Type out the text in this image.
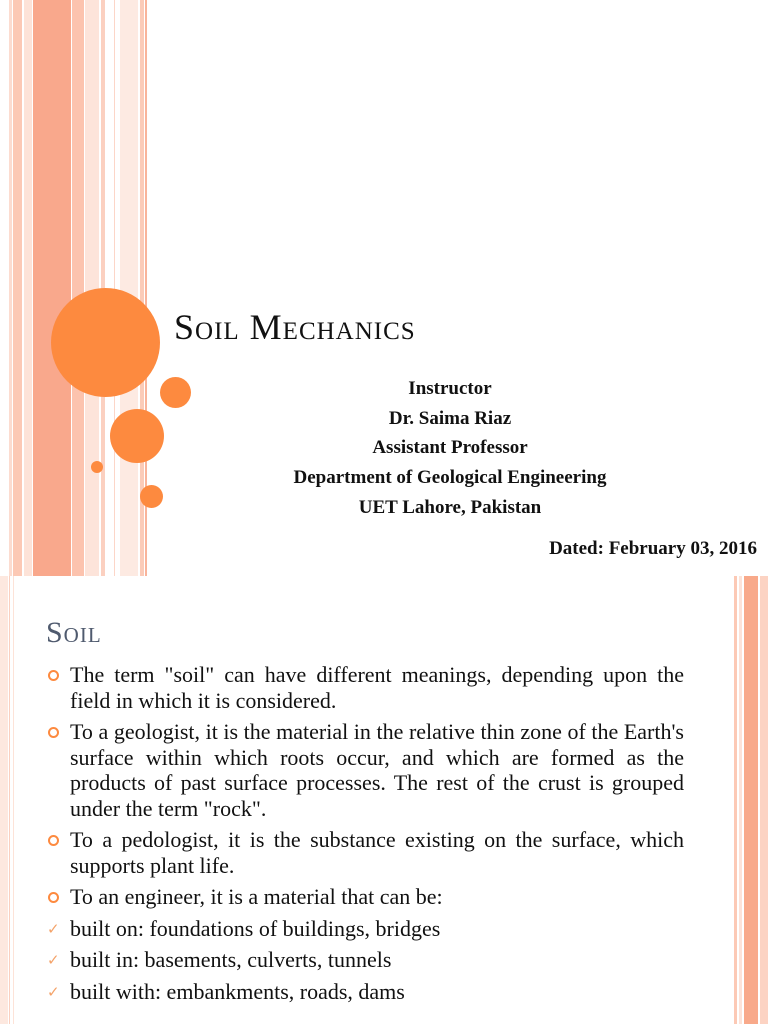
Soil Mechanics
Instructor
Dr. Saima Riaz
Assistant Professor
Department of Geological Engineering
UET Lahore, Pakistan
Dated: February 03, 2016
Soil
The term "soil" can have different meanings, depending upon the field in which it is considered.
To a geologist, it is the material in the relative thin zone of the Earth's surface within which roots occur, and which are formed as the products of past surface processes. The rest of the crust is grouped under the term "rock".
To a pedologist, it is the substance existing on the surface, which supports plant life.
To an engineer, it is a material that can be:
✓ built on: foundations of buildings, bridges
✓ built in: basements, culverts, tunnels
✓ built with: embankments, roads, dams
